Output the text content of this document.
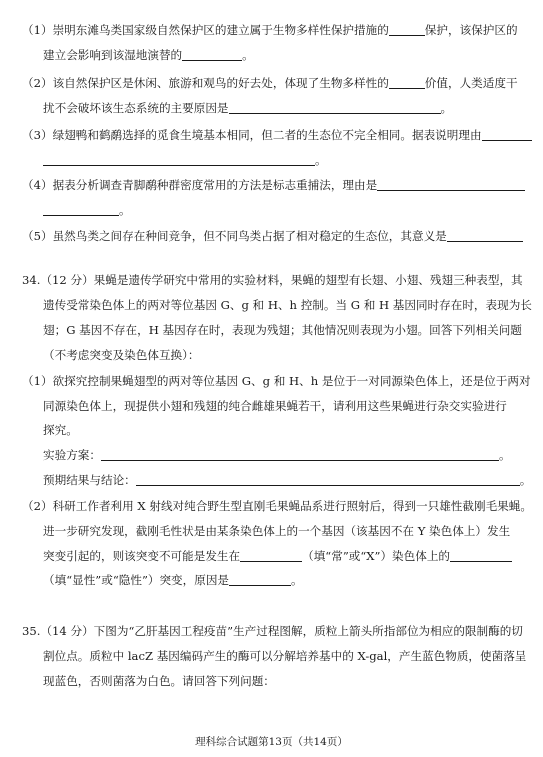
（1）崇明东滩鸟类国家级自然保护区的建立属于生物多样性保护措施的	保护，该保护区的
建立会影响到该湿地演替的	。
（2）该自然保护区是休闲、旅游和观鸟的好去处，体现了生物多样性的	价值，人类适度干
扰不会破坏该生态系统的主要原因是	。
（3）绿翅鸭和鹤鹬选择的觅食生境基本相同，但二者的生态位不完全相同。据表说明理由
。
（4）据表分析调查青脚鹬种群密度常用的方法是标志重捕法，理由是
。
（5）虽然鸟类之间存在种间竞争，但不同鸟类占据了相对稳定的生态位，其意义是
34.（12 分）果蝇是遗传学研究中常用的实验材料，果蝇的翅型有长翅、小翅、残翅三种表型，其
遗传受常染色体上的两对等位基因 G、g 和 H、h 控制。当 G 和 H 基因同时存在时，表现为长
翅；G 基因不存在，H 基因存在时，表现为残翅；其他情况则表现为小翅。回答下列相关问题
（不考虑突变及染色体互换）：
（1）欲探究控制果蝇翅型的两对等位基因 G、g 和 H、h 是位于一对同源染色体上，还是位于两对
同源染色体上，现提供小翅和残翅的纯合雌雄果蝇若干，请利用这些果蝇进行杂交实验进行
探究。
实验方案：	。
预期结果与结论：	。
（2）科研工作者利用 X 射线对纯合野生型直刚毛果蝇品系进行照射后，得到一只雄性截刚毛果蝇。
进一步研究发现，截刚毛性状是由某条染色体上的一个基因（该基因不在 Y 染色体上）发生
突变引起的，则该突变不可能是发生在	（填“常”或“X”）染色体上的
（填“显性”或“隐性”）突变，原因是	。
35.（14 分）下图为“乙肝基因工程疫苗”生产过程图解，质粒上箭头所指部位为相应的限制酶的切
割位点。质粒中 lacZ 基因编码产生的酶可以分解培养基中的 X-gal，产生蓝色物质，使菌落呈
现蓝色，否则菌落为白色。请回答下列问题：
理科综合试题第13页（共14页）
